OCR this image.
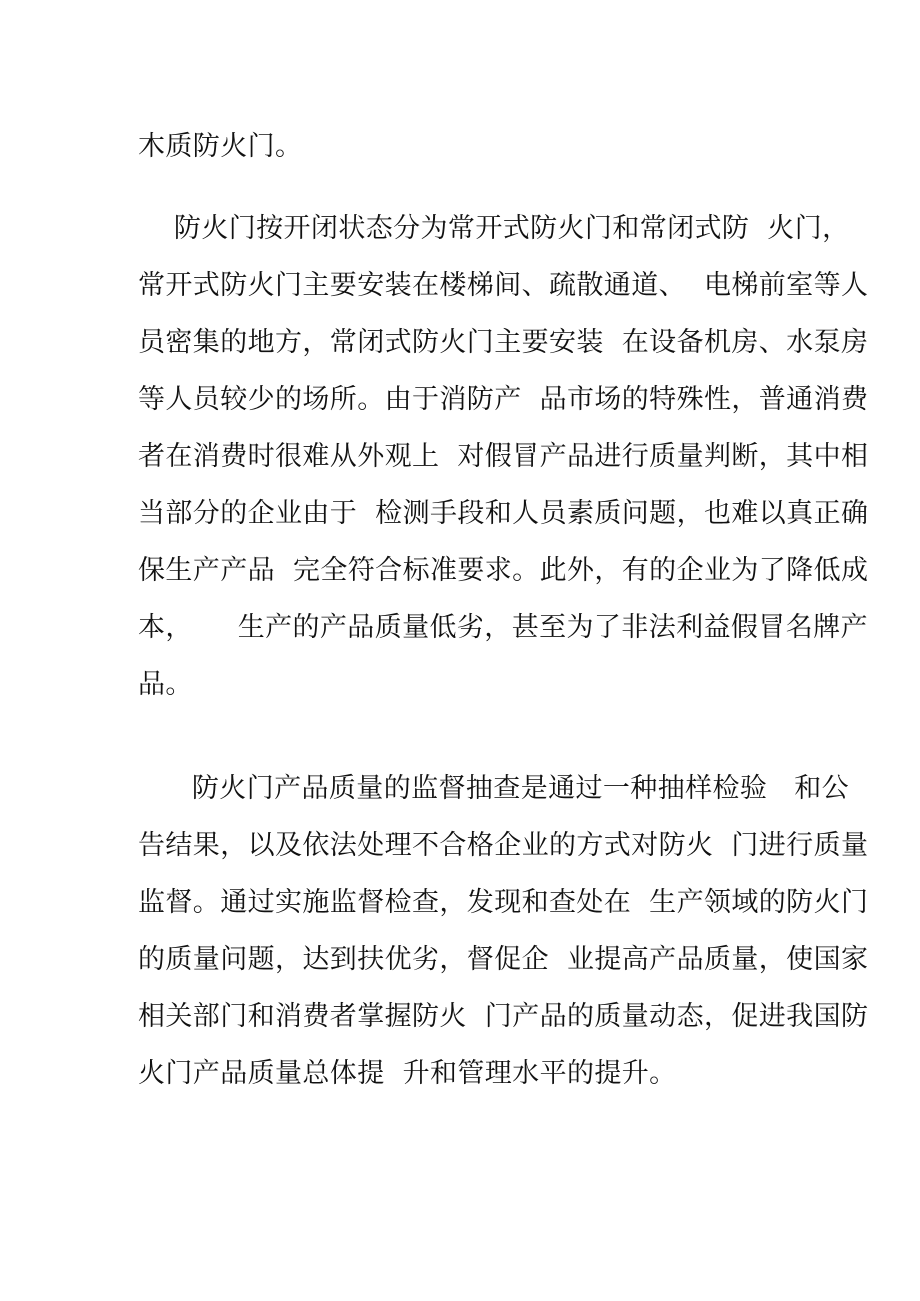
木质防火门。
防火门按开闭状态分为常开式防火门和常闭式防  火门，
常开式防火门主要安装在楼梯间、疏散通道、  电梯前室等人
员密集的地方，常闭式防火门主要安装  在设备机房、水泵房
等人员较少的场所。由于消防产  品市场的特殊性，普通消费
者在消费时很难从外观上  对假冒产品进行质量判断，其中相
当部分的企业由于  检测手段和人员素质问题，也难以真正确
保生产产品  完全符合标准要求。此外，有的企业为了降低成
本，     生产的产品质量低劣，甚至为了非法利益假冒名牌产
品。
防火门产品质量的监督抽查是通过一种抽样检验   和公
告结果，以及依法处理不合格企业的方式对防火  门进行质量
监督。通过实施监督检查，发现和查处在  生产领域的防火门
的质量问题，达到扶优劣，督促企  业提高产品质量，使国家
相关部门和消费者掌握防火  门产品的质量动态，促进我国防
火门产品质量总体提  升和管理水平的提升。
